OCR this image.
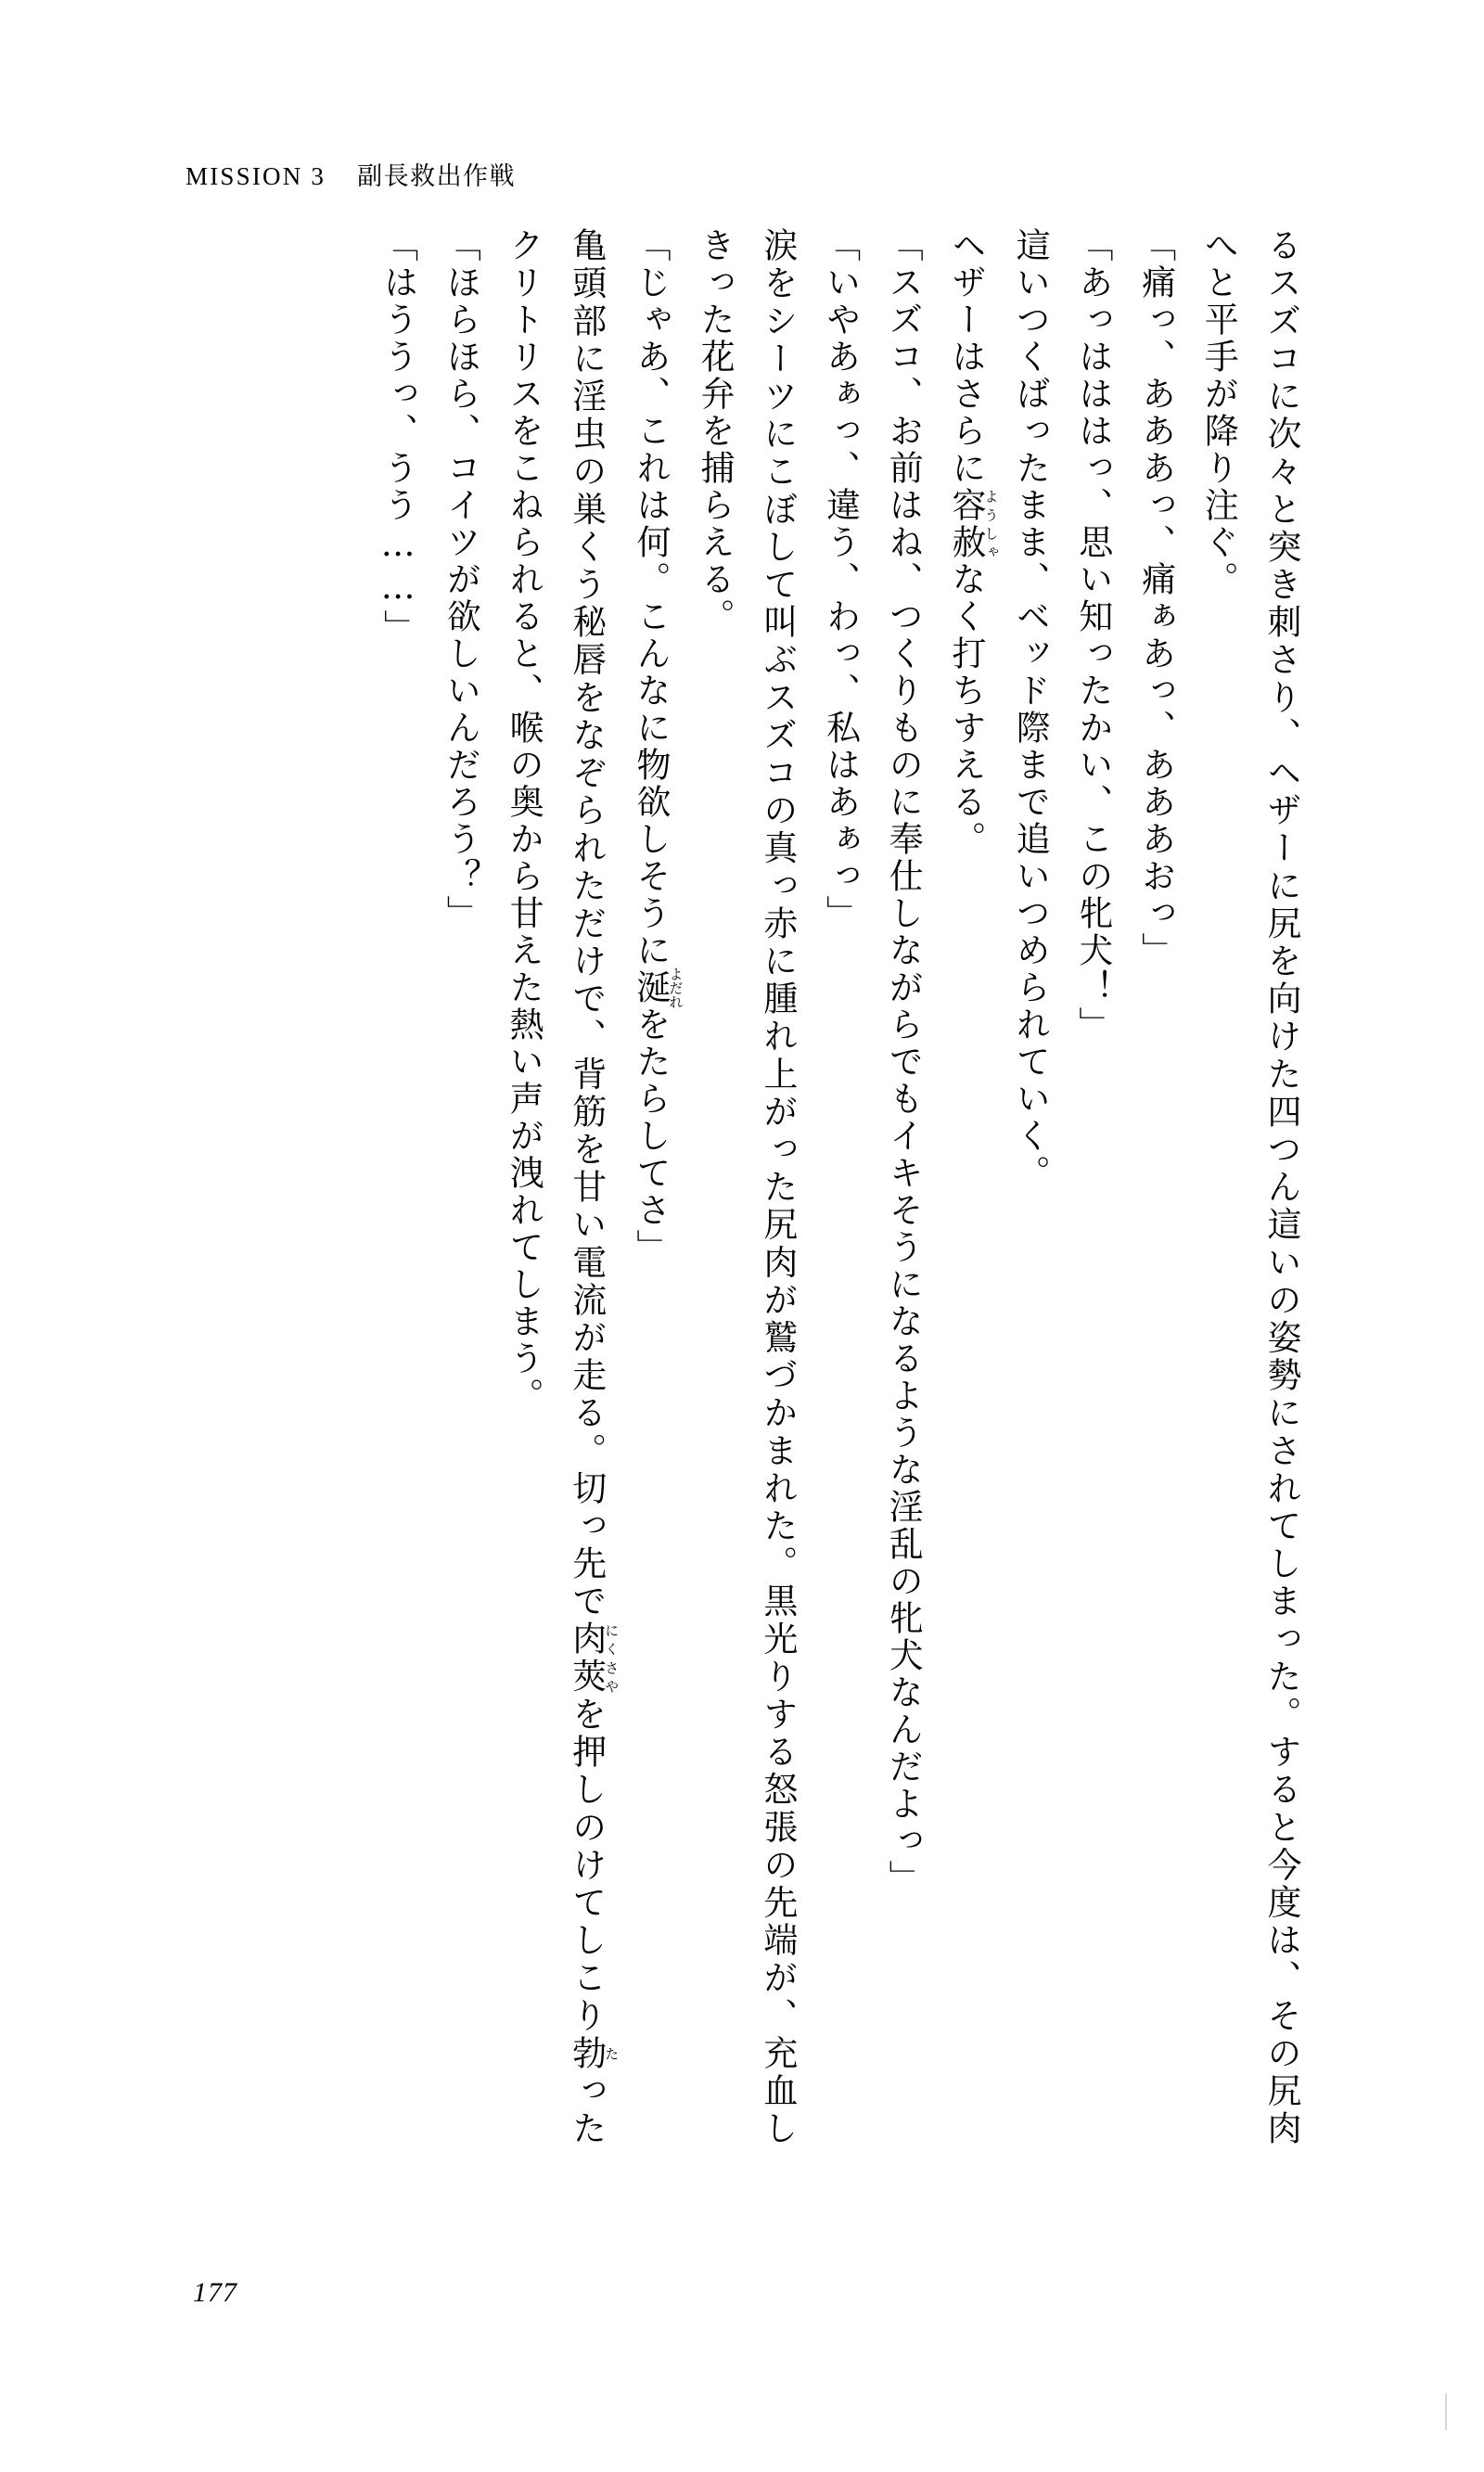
MISSION 3 副長救出作戦

るスズコに次々と突き刺さり、ヘザーに尻を向けた四つん這いの姿勢にされてしまった。すると今度は、その尻肉へと平手が降り注ぐ。

「痛っ、あああっ、痛ぁあっ、あああおっ」

「あっはははっ、思い知ったかい、この牝犬！」

這いつくばったまま、ベッド際まで追いつめられていく。

ヘザーはさらに容赦ようしゃなく打ちすえる。

「スズコ、お前はね、つくりものに奉仕しながらでもイキそうになるような淫乱の牝犬なんだよっ」

「いやあぁっ、違う、わっ、私はあぁっ」

涙をシーツにこぼして叫ぶスズコの真っ赤に腫れ上がった尻肉が鷲づかまれた。黒光りする怒張の先端が、充血しきった花弁を捕らえる。

「じゃあ、これは何。こんなに物欲しそうに涎よだれをたらしてさ」

亀頭部に淫虫の巣くう秘唇をなぞられただけで、背筋を甘い電流が走る。切っ先で肉莢にくさやを押しのけてしこり勃たったクリトリスをこねられると、喉の奥から甘えた熱い声が洩れてしまう。

「ほらほら、コイツが欲しいんだろう？」

「はううっ、うう……」

177
